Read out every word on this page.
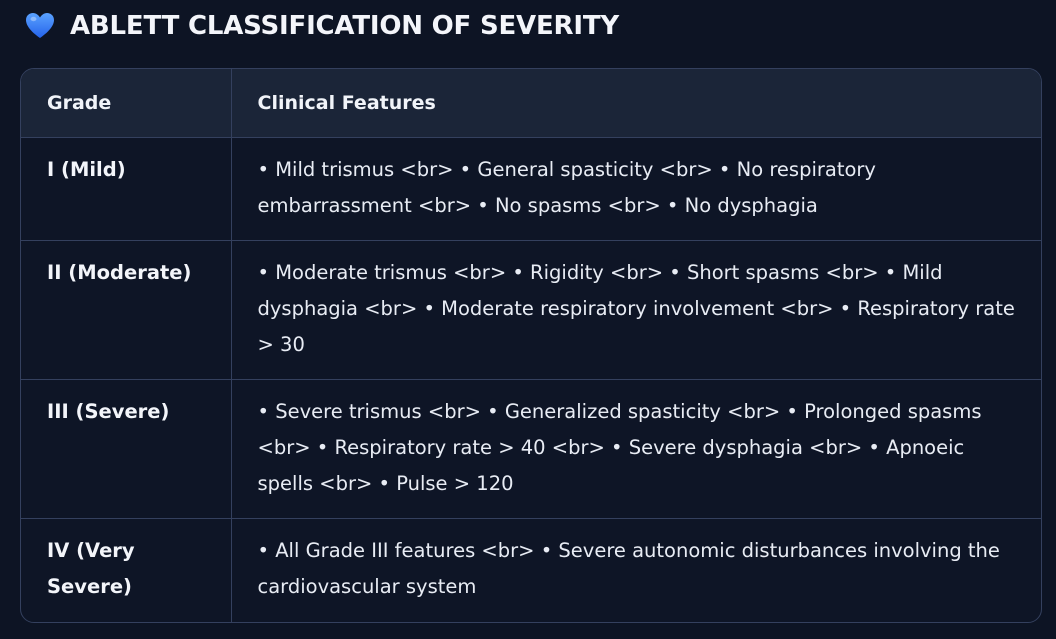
ABLETT CLASSIFICATION OF SEVERITY
Grade	Clinical Features
I (Mild)	• Mild trismus <br> • General spasticity <br> • No respiratory embarrassment <br> • No spasms <br> • No dysphagia
II (Moderate)	• Moderate trismus <br> • Rigidity <br> • Short spasms <br> • Mild dysphagia <br> • Moderate respiratory involvement <br> • Respiratory rate > 30
III (Severe)	• Severe trismus <br> • Generalized spasticity <br> • Prolonged spasms <br> • Respiratory rate > 40 <br> • Severe dysphagia <br> • Apnoeic spells <br> • Pulse > 120
IV (Very Severe)	• All Grade III features <br> • Severe autonomic disturbances involving the cardiovascular system
